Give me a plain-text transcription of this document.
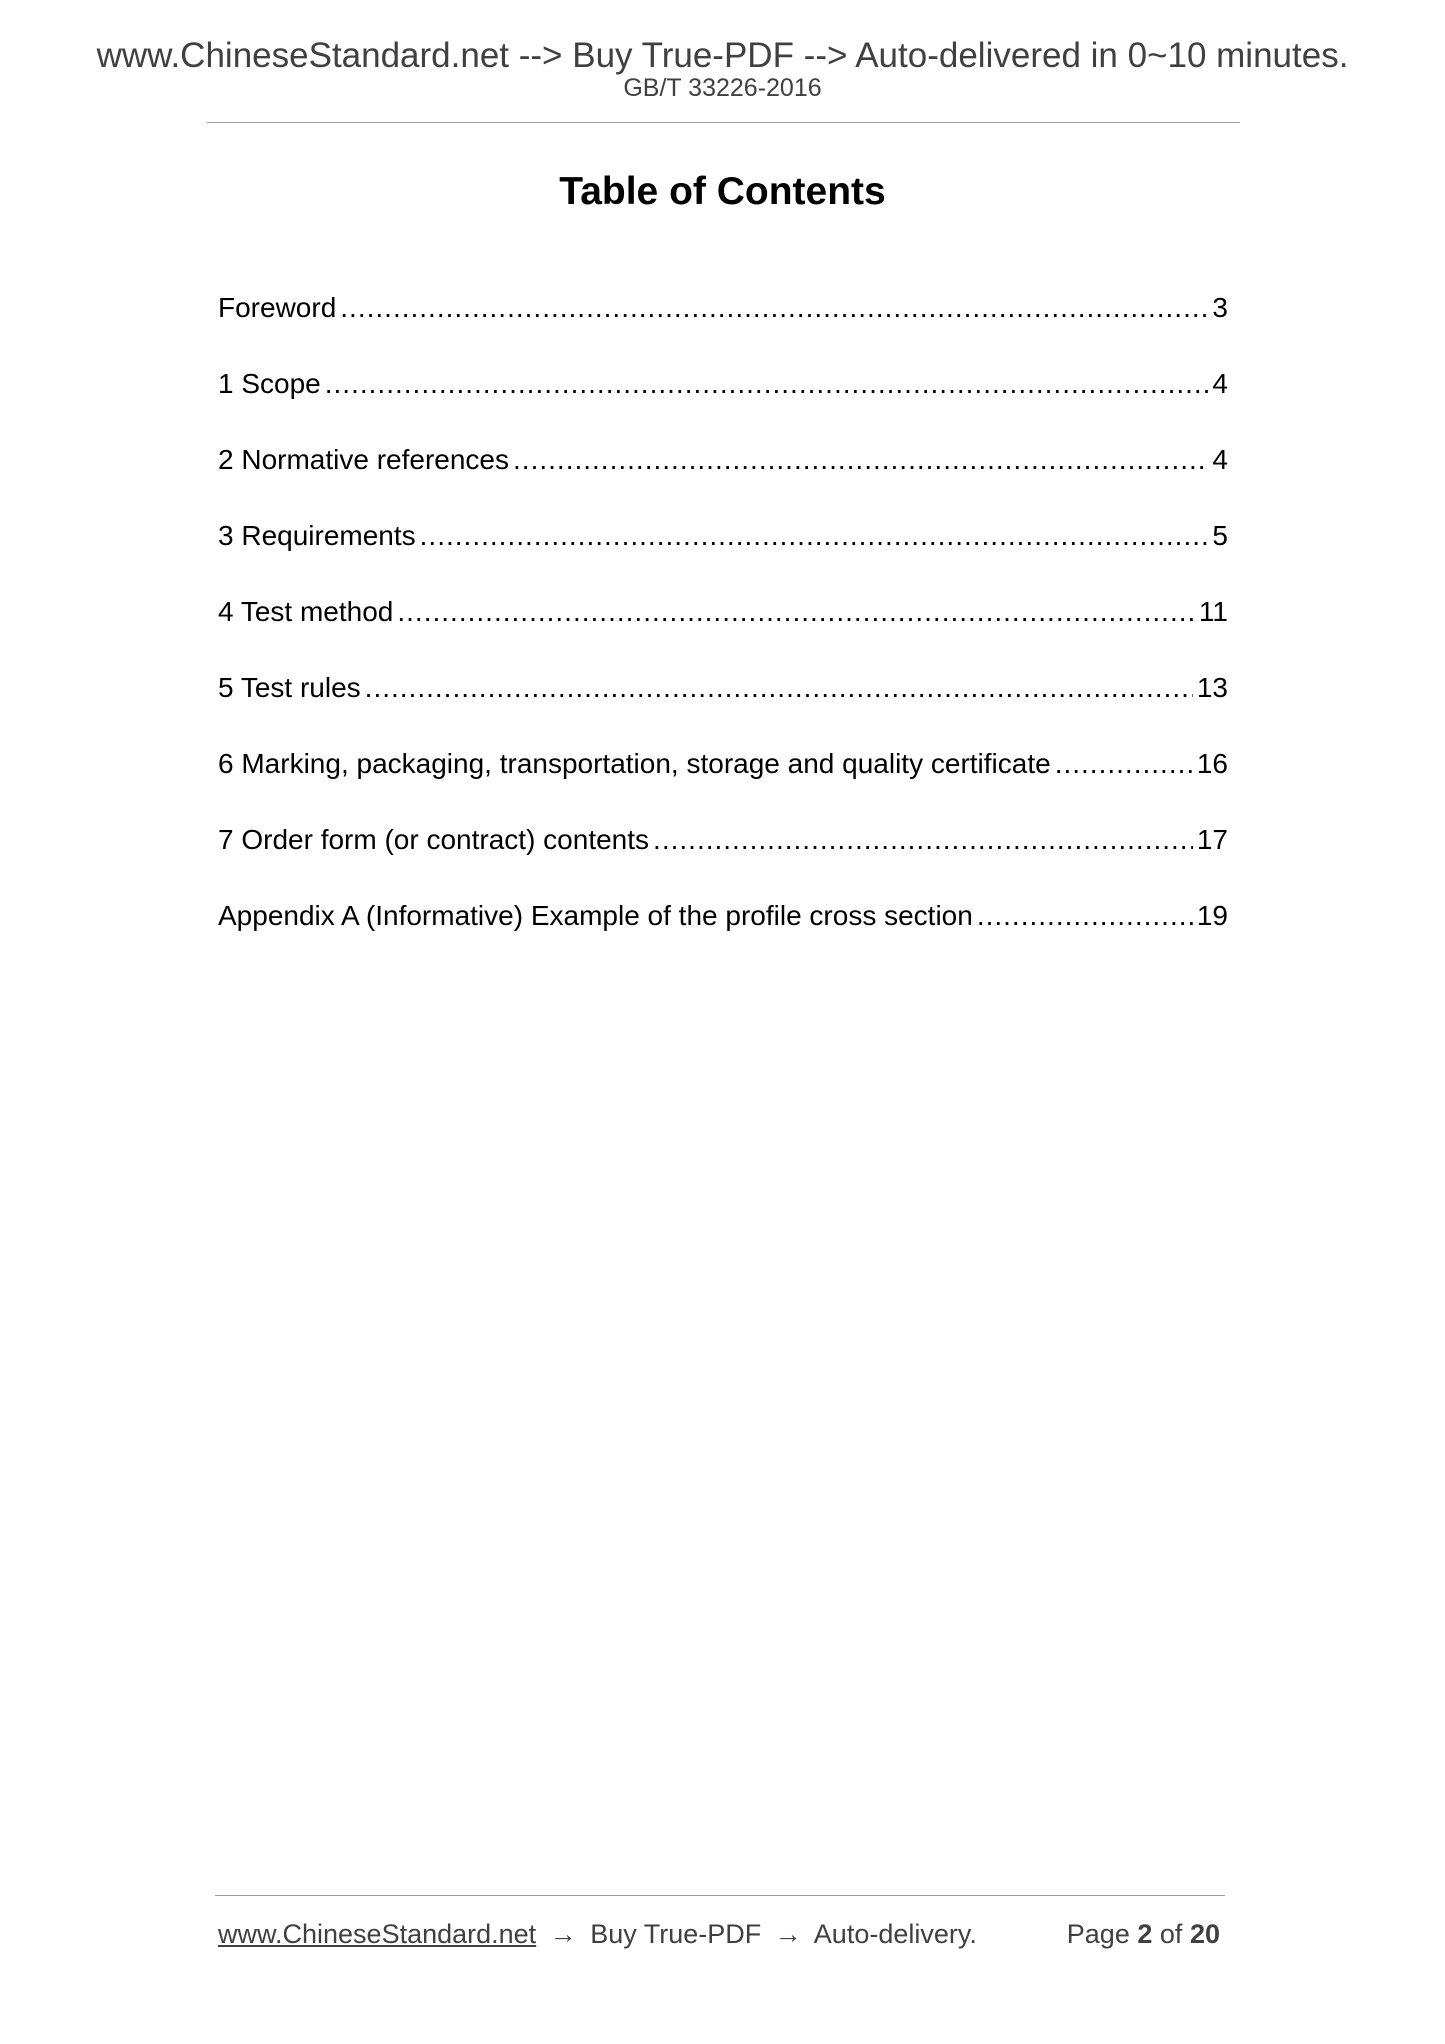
www.ChineseStandard.net --> Buy True-PDF --> Auto-delivered in 0~10 minutes.
GB/T 33226-2016
Table of Contents
Foreword .....	3
1 Scope .....	4
2 Normative references .....	4
3 Requirements .....	5
4 Test method .....	11
5 Test rules .....	13
6 Marking, packaging, transportation, storage and quality certificate .....	16
7 Order form (or contract) contents .....	17
Appendix A (Informative) Example of the profile cross section .....	19
www.ChineseStandard.net → Buy True-PDF → Auto-delivery.	Page 2 of 20
